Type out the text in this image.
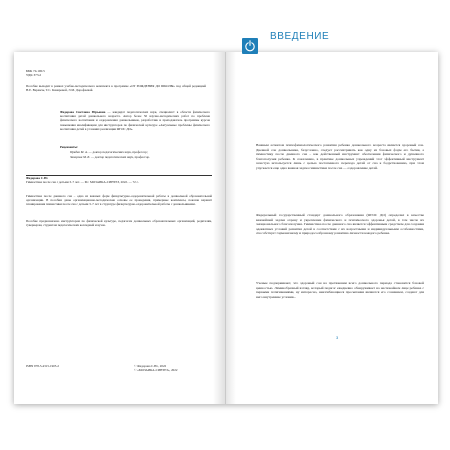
ББК 74.100.5
УДК 373.2
Пособие выходит в рамках учебно-методического комплекта к программе «ОТ РОЖДЕНИЯ ДО ШКОЛЫ» под общей редакцией Н.Е. Вераксы, Т.С. Комаровой, Э.М. Дорофеевой.
Федорова Светлана Юрьевна — кандидат педагогических наук, специалист в области физического воспитания детей дошкольного возраста. Автор более 50 научно-методических работ по проблеме физического воспитания и оздоровления дошкольников, разработчик и преподаватель программы курсов повышения квалификации для инструкторов по физической культуре «Актуальные проблемы физического воспитания детей в условиях реализации ФГОС ДО».
Рецензенты:
Прядко М. А. — доктор педагогических наук, профессор;
Захарова М. Б. — доктор педагогических наук, профессор.
Федорова С.Ю.
Гимнастика после сна с детьми 3–7 лет. — М.: МОЗАИКА-СИНТЕЗ, 2022. — 72 с.
Гимнастика после дневного сна – одна из важных форм физкультурно-оздоровительной работы в дошкольной образовательной организации. В пособии даны организационно-методические основы ее проведения, примерные комплексы, показан вариант планирования гимнастики после сна с детьми 3–7 лет в структуре физкультурно-оздоровительной работы с дошкольниками.
Пособие предназначено инструкторам по физической культуре, педагогам дошкольных образовательных организаций, родителям, гувернерам, студентам педагогических колледжей и вузов.
ISBN 978-5-4315-1905-2	© Федорова С.Ю., 2022
© «МОЗАИКА-СИНТЕЗ», 2022
ВВЕДЕНИЕ
Важным аспектом психофизиологического развития ребенка дошкольного возраста является здоровый сон. Дневной сон дошкольника, безусловно, следует рассматривать как одну из базовых форм его бытия, а гимнастику после дневного сна – как действенный инструмент обеспечения физического и душевного благополучия ребенка. К сожалению, в практике дошкольных учреждений этот эффективный инструмент зачастую используется лишь с целью постепенного перехода детей от сна к бодрствованию, при этом упускается еще одна важная задача гимнастики после сна — оздоровление детей.
Федеральный государственный стандарт дошкольного образования (ФГОС ДО) определил в качестве важнейшей задачи охрану и укрепление физического и психического здоровья детей, в том числе их эмоционального благополучия. Гимнастика после дневного сна является эффективным средством для создания адекватных условий развития детей в соответствии с их возрастными и индивидуальными особенностями, способствует гармоничному и природосообразному развитию личности каждого ребенка.
Ученые подчеркивают, что здоровый сон на протяжении всего дошкольного периода становится базовой ценностью. Ламинобразный взгляд, который педагог ежедневно обнаруживает на неспокойном лице ребенка с первыми потягиваниями, ну интересно, неизгибающиеся просыпания являются его сознанием, создают для него внутренние условия...
3
